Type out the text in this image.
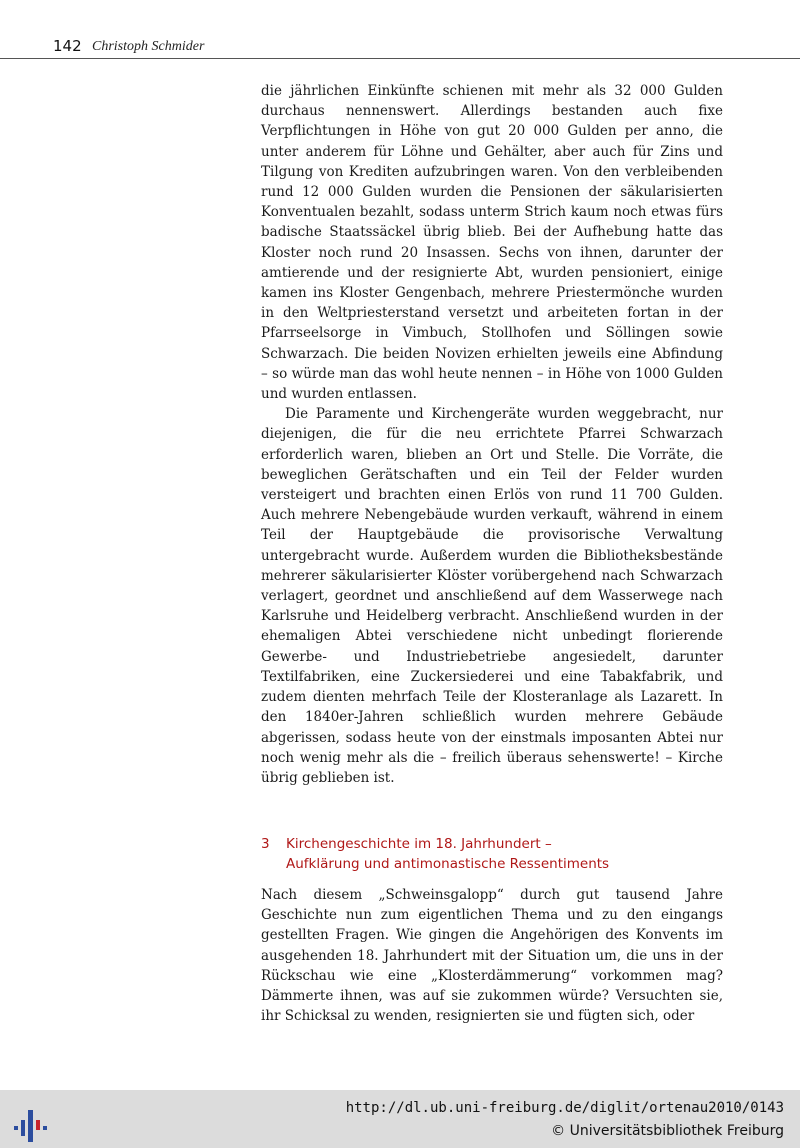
142 Christoph Schmider

die jährlichen Einkünfte schienen mit mehr als 32 000 Gulden durchaus nennenswert. Allerdings bestanden auch fixe Verpflichtungen in Höhe von gut 20 000 Gulden per anno, die unter anderem für Löhne und Gehälter, aber auch für Zins und Tilgung von Krediten aufzubringen waren. Von den verbleibenden rund 12 000 Gulden wurden die Pensionen der säkularisierten Konventualen bezahlt, sodass unterm Strich kaum noch etwas fürs badische Staatssäckel übrig blieb. Bei der Aufhebung hatte das Kloster noch rund 20 Insassen. Sechs von ihnen, darunter der amtierende und der resignierte Abt, wurden pensioniert, einige kamen ins Kloster Gengenbach, mehrere Priestermönche wurden in den Weltpriesterstand versetzt und arbeiteten fortan in der Pfarrseelsorge in Vimbuch, Stollhofen und Söllingen sowie Schwarzach. Die beiden Novizen erhielten jeweils eine Abfindung – so würde man das wohl heute nennen – in Höhe von 1000 Gulden und wurden entlassen.

Die Paramente und Kirchengeräte wurden weggebracht, nur diejenigen, die für die neu errichtete Pfarrei Schwarzach erforderlich waren, blieben an Ort und Stelle. Die Vorräte, die beweglichen Gerätschaften und ein Teil der Felder wurden versteigert und brachten einen Erlös von rund 11 700 Gulden. Auch mehrere Nebengebäude wurden verkauft, während in einem Teil der Hauptgebäude die provisorische Verwaltung untergebracht wurde. Außerdem wurden die Bibliotheksbestände mehrerer säkularisierter Klöster vorübergehend nach Schwarzach verlagert, geordnet und anschließend auf dem Wasserwege nach Karlsruhe und Heidelberg verbracht. Anschließend wurden in der ehemaligen Abtei verschiedene nicht unbedingt florierende Gewerbe- und Industriebetriebe angesiedelt, darunter Textilfabriken, eine Zuckersiederei und eine Tabakfabrik, und zudem dienten mehrfach Teile der Klosteranlage als Lazarett. In den 1840er-Jahren schließlich wurden mehrere Gebäude abgerissen, sodass heute von der einstmals imposanten Abtei nur noch wenig mehr als die – freilich überaus sehenswerte! – Kirche übrig geblieben ist.

3 Kirchengeschichte im 18. Jahrhundert –
Aufklärung und antimonastische Ressentiments

Nach diesem „Schweinsgalopp“ durch gut tausend Jahre Geschichte nun zum eigentlichen Thema und zu den eingangs gestellten Fragen. Wie gingen die Angehörigen des Konvents im ausgehenden 18. Jahrhundert mit der Situation um, die uns in der Rückschau wie eine „Klosterdämmerung“ vorkommen mag? Dämmerte ihnen, was auf sie zukommen würde? Versuchten sie, ihr Schicksal zu wenden, resignierten sie und fügten sich, oder

http://dl.ub.uni-freiburg.de/diglit/ortenau2010/0143
© Universitätsbibliothek Freiburg
